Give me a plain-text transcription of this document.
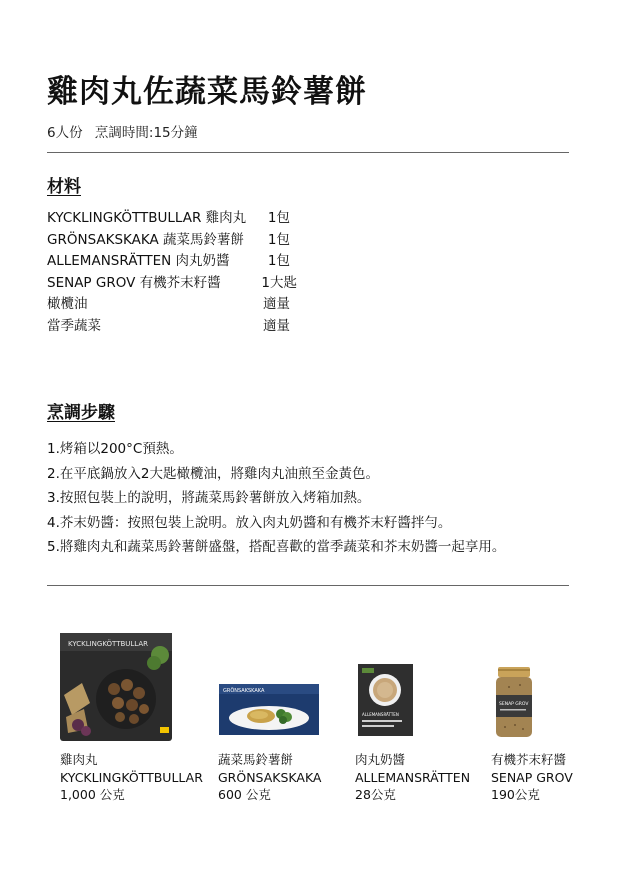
雞肉丸佐蔬菜馬鈴薯餅
6人份 烹調時間:15分鐘
材料
KYCKLINGKÖTTBULLAR 雞肉丸 1包
GRÖNSAKSKAKA 蔬菜馬鈴薯餅 1包
ALLEMANSRÄTTEN 肉丸奶醬	1包
SENAP GROV 有機芥末籽醬	1大匙
橄欖油	適量
當季蔬菜	適量
烹調步驟
1.烤箱以200°C預熱。
2.在平底鍋放入2大匙橄欖油，將雞肉丸油煎至金黃色。
3.按照包裝上的說明，將蔬菜馬鈴薯餅放入烤箱加熱。
4.芥末奶醬：按照包裝上說明。放入肉丸奶醬和有機芥末籽醬拌勻。
5.將雞肉丸和蔬菜馬鈴薯餅盛盤，搭配喜歡的當季蔬菜和芥末奶醬一起享用。
KYCKLINGKÖTTBULLAR
雞肉丸
KYCKLINGKÖTTBULLAR
1,000 公克
GRÖNSAKSKAKA
蔬菜馬鈴薯餅
GRÖNSAKSKAKA
600 公克
ALLEMANSRÄTTEN
肉丸奶醬
ALLEMANSRÄTTEN
28公克
SENAP GROV
有機芥末籽醬
SENAP GROV
190公克
